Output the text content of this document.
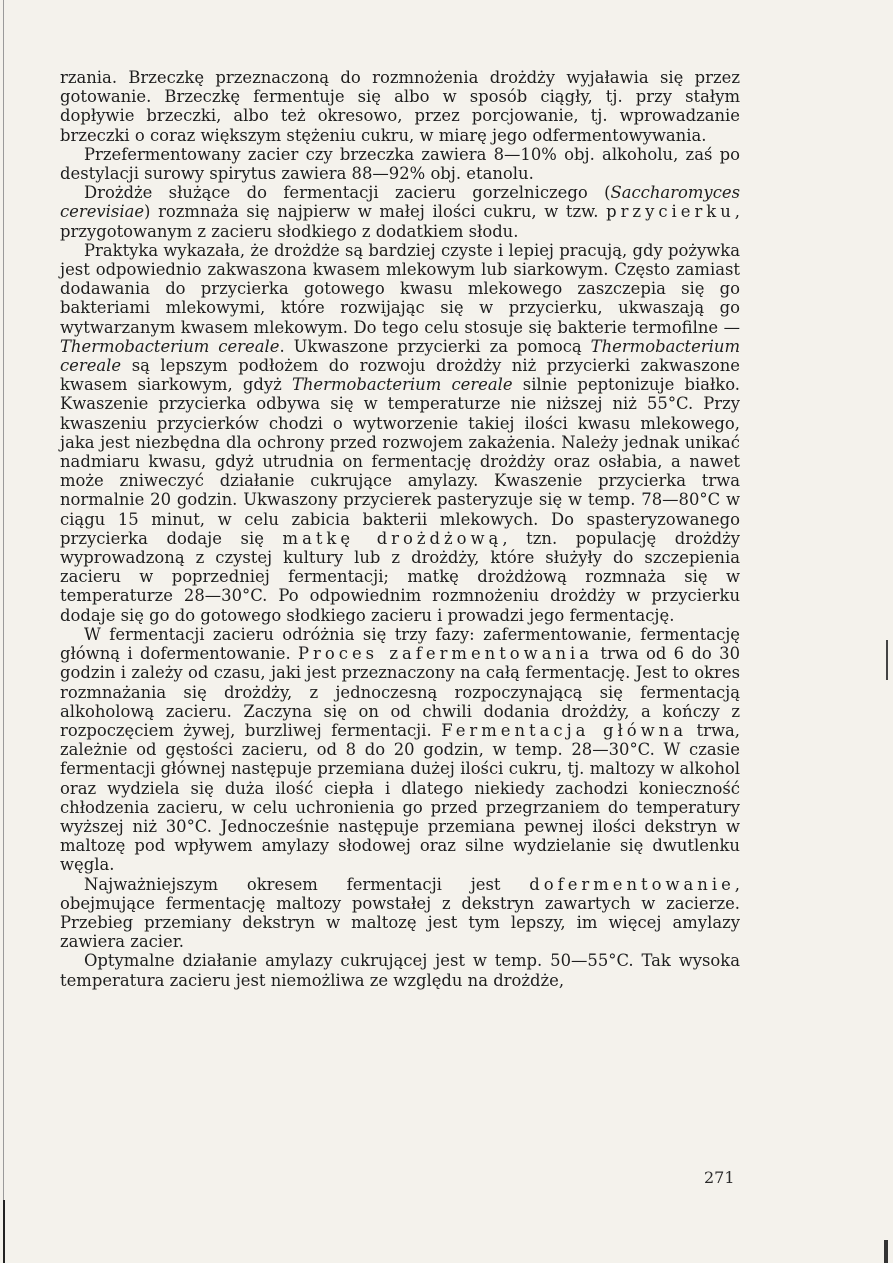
rzania. Brzeczkę przeznaczoną do rozmnożenia drożdży wyjaławia się przez gotowanie. Brzeczkę fermentuje się albo w sposób ciągły, tj. przy stałym dopływie brzeczki, albo też okresowo, przez porcjowanie, tj. wprowadzanie brzeczki o coraz większym stężeniu cukru, w miarę jego odfermentowywania.

Przefermentowany zacier czy brzeczka zawiera 8—10% obj. alkoholu, zaś po destylacji surowy spirytus zawiera 88—92% obj. etanolu.

Drożdże służące do fermentacji zacieru gorzelniczego (Saccharomyces cerevisiae) rozmnaża się najpierw w małej ilości cukru, w tzw. przycierku, przygotowanym z zacieru słodkiego z dodatkiem słodu.

Praktyka wykazała, że drożdże są bardziej czyste i lepiej pracują, gdy pożywka jest odpowiednio zakwaszona kwasem mlekowym lub siarkowym. Często zamiast dodawania do przycierka gotowego kwasu mlekowego zaszczepia się go bakteriami mlekowymi, które rozwijając się w przycierku, ukwaszają go wytwarzanym kwasem mlekowym. Do tego celu stosuje się bakterie termofilne — Thermobacterium cereale. Ukwaszone przycierki za pomocą Thermobacterium cereale są lepszym podłożem do rozwoju drożdży niż przycierki zakwaszone kwasem siarkowym, gdyż Thermobacterium cereale silnie peptonizuje białko. Kwaszenie przycierka odbywa się w temperaturze nie niższej niż 55°C. Przy kwaszeniu przycierków chodzi o wytworzenie takiej ilości kwasu mlekowego, jaka jest niezbędna dla ochrony przed rozwojem zakażenia. Należy jednak unikać nadmiaru kwasu, gdyż utrudnia on fermentację drożdży oraz osłabia, a nawet może zniweczyć działanie cukrujące amylazy. Kwaszenie przycierka trwa normalnie 20 godzin. Ukwaszony przycierek pasteryzuje się w temp. 78—80°C w ciągu 15 minut, w celu zabicia bakterii mlekowych. Do spasteryzowanego przycierka dodaje się matkę drożdżową, tzn. populację drożdży wyprowadzoną z czystej kultury lub z drożdży, które służyły do szczepienia zacieru w poprzedniej fermentacji; matkę drożdżową rozmnaża się w temperaturze 28—30°C. Po odpowiednim rozmnożeniu drożdży w przycierku dodaje się go do gotowego słodkiego zacieru i prowadzi jego fermentację.

W fermentacji zacieru odróżnia się trzy fazy: zafermentowanie, fermentację główną i dofermentowanie. Proces zafermentowania trwa od 6 do 30 godzin i zależy od czasu, jaki jest przeznaczony na całą fermentację. Jest to okres rozmnażania się drożdży, z jednoczesną rozpoczynającą się fermentacją alkoholową zacieru. Zaczyna się on od chwili dodania drożdży, a kończy z rozpoczęciem żywej, burzliwej fermentacji. Fermentacja główna trwa, zależnie od gęstości zacieru, od 8 do 20 godzin, w temp. 28—30°C. W czasie fermentacji głównej następuje przemiana dużej ilości cukru, tj. maltozy w alkohol oraz wydziela się duża ilość ciepła i dlatego niekiedy zachodzi konieczność chłodzenia zacieru, w celu uchronienia go przed przegrzaniem do temperatury wyższej niż 30°C. Jednocześnie następuje przemiana pewnej ilości dekstryn w maltozę pod wpływem amylazy słodowej oraz silne wydzielanie się dwutlenku węgla.

Najważniejszym okresem fermentacji jest dofermentowanie, obejmujące fermentację maltozy powstałej z dekstryn zawartych w zacierze. Przebieg przemiany dekstryn w maltozę jest tym lepszy, im więcej amylazy zawiera zacier.

Optymalne działanie amylazy cukrującej jest w temp. 50—55°C. Tak wysoka temperatura zacieru jest niemożliwa ze względu na drożdże,

271
